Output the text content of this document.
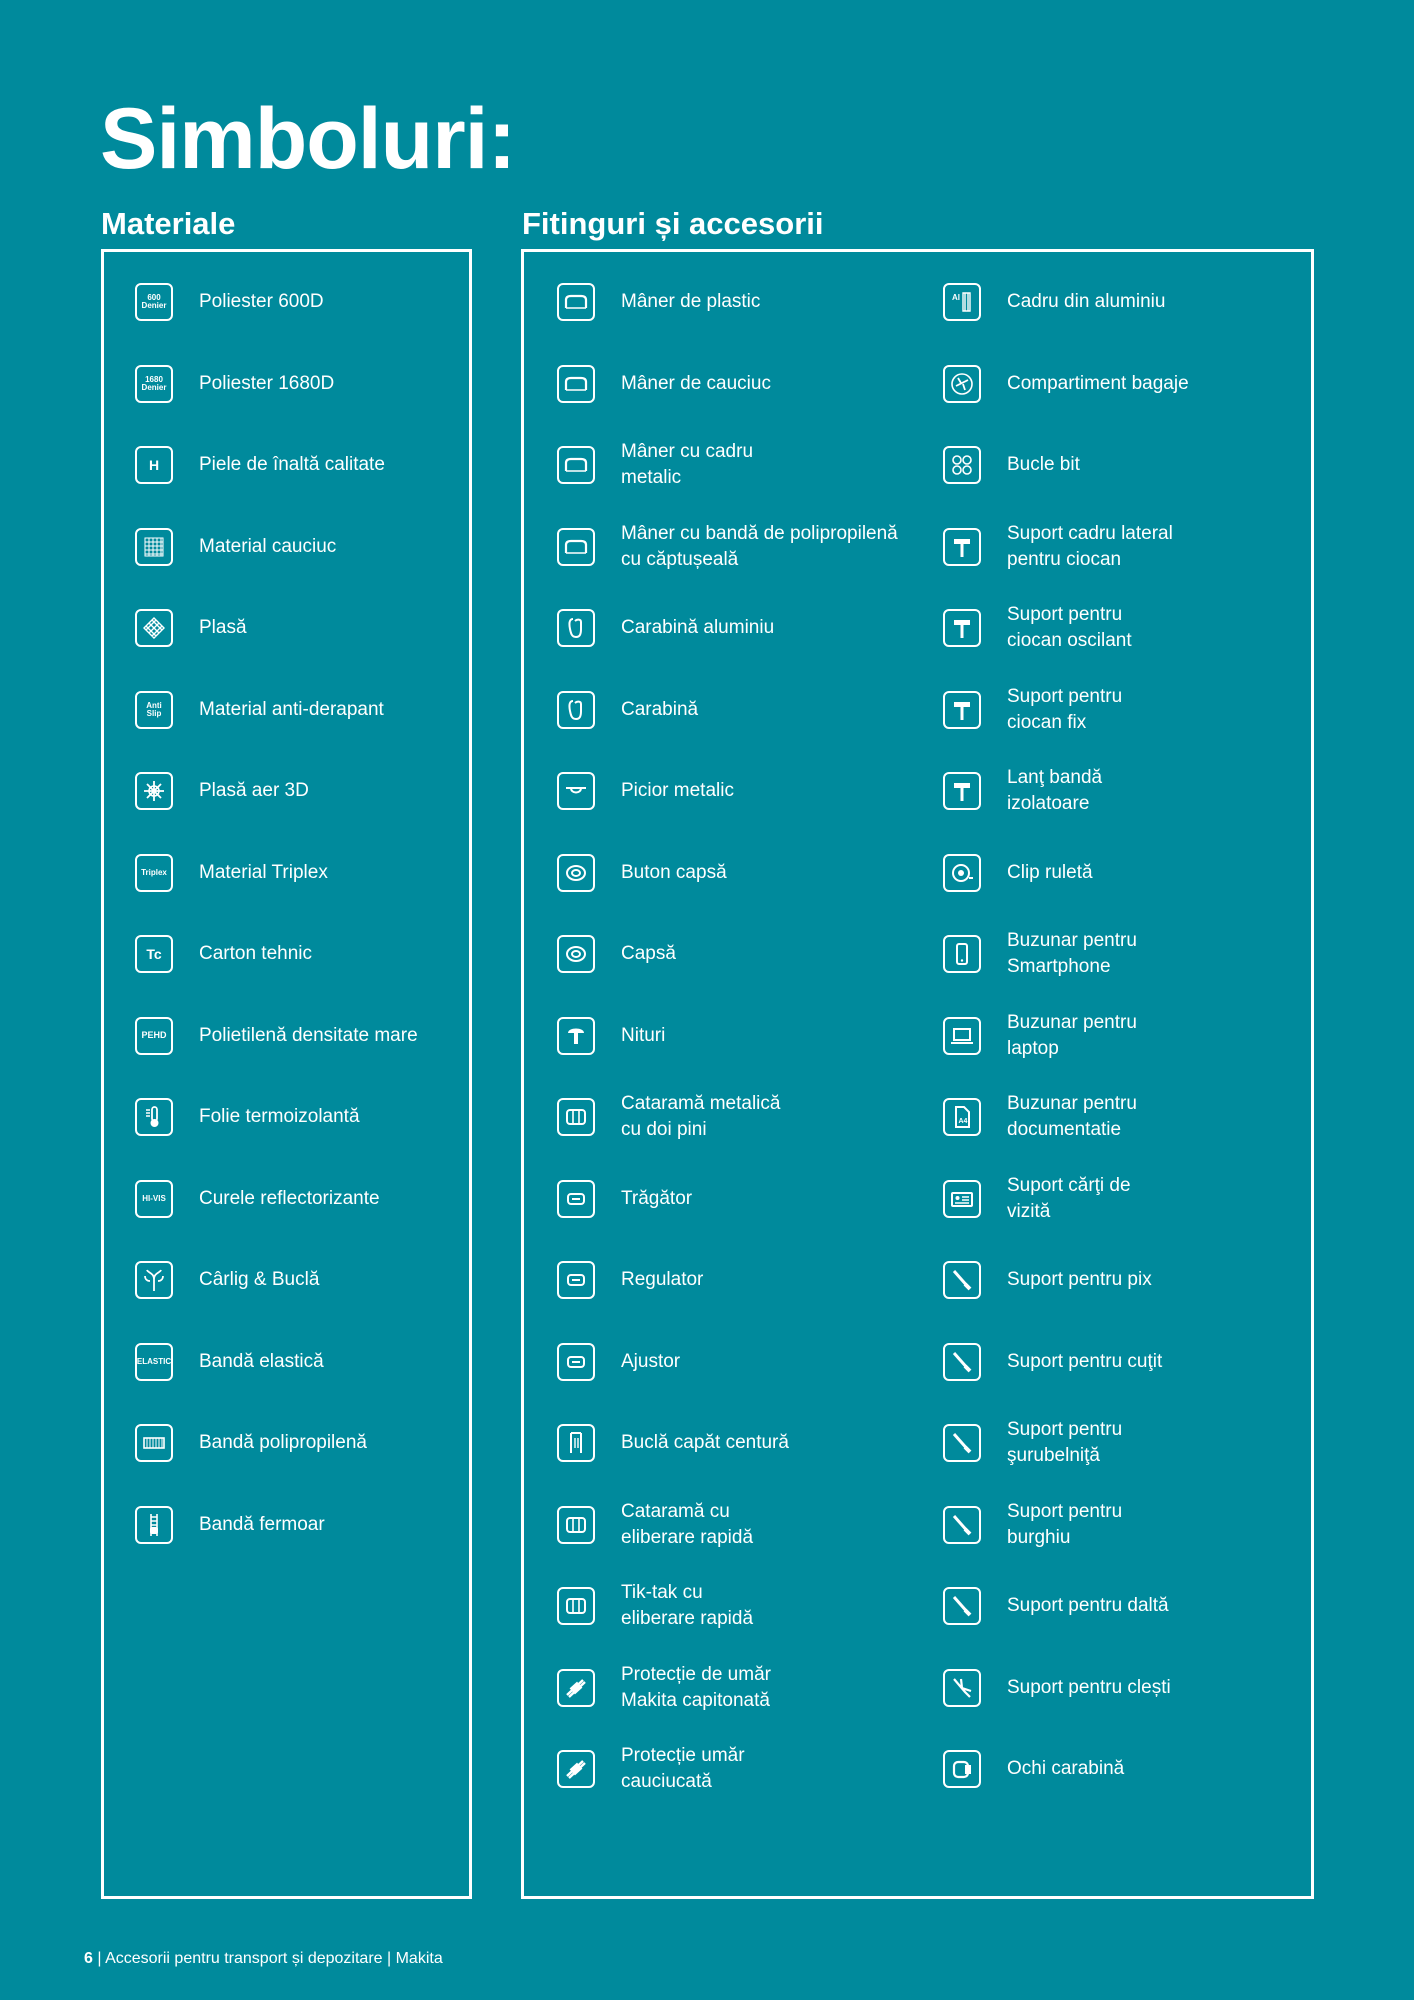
Simboluri:
Materiale	Fitinguri și accesorii
600
Denier Poliester 600D
1680
Denier Poliester 1680D
H Piele de înaltă calitate
Material cauciuc
Plasă
Anti
Slip Material anti-derapant
Plasă aer 3D
Triplex Material Triplex
Tc Carton tehnic
PEHD Polietilenă densitate mare
Folie termoizolantă
HI-VIS Curele reflectorizante
Cârlig & Buclă
ELASTIC Bandă elastică
Bandă polipropilenă
Bandă fermoar
Mâner de plastic
Mâner de cauciuc
Mâner cu cadru
metalic
Mâner cu bandă de polipropilenă
cu căptușeală
Carabină aluminiu
Carabină
Picior metalic
Buton capsă
Capsă
Nituri
Cataramă metalică
cu doi pini
Trăgător
Regulator
Ajustor
Buclă capăt centură
Cataramă cu
eliberare rapidă
Tik-tak cu
eliberare rapidă
Protecție de umăr
Makita capitonată
Protecție umăr
cauciucată
Al Cadru din aluminiu
Compartiment bagaje
Bucle bit
Suport cadru lateral
pentru ciocan
Suport pentru
ciocan oscilant
Suport pentru
ciocan fix
Lanţ bandă
izolatoare
Clip ruletă
Buzunar pentru
Smartphone
Buzunar pentru
laptop
A4
Buzunar pentru
documentatie
Suport cărţi de
vizită
Suport pentru pix
Suport pentru cuţit
Suport pentru
şurubelniţă
Suport pentru
burghiu
Suport pentru daltă
Suport pentru clești
Ochi carabină
6 | Accesorii pentru transport și depozitare | Makita
